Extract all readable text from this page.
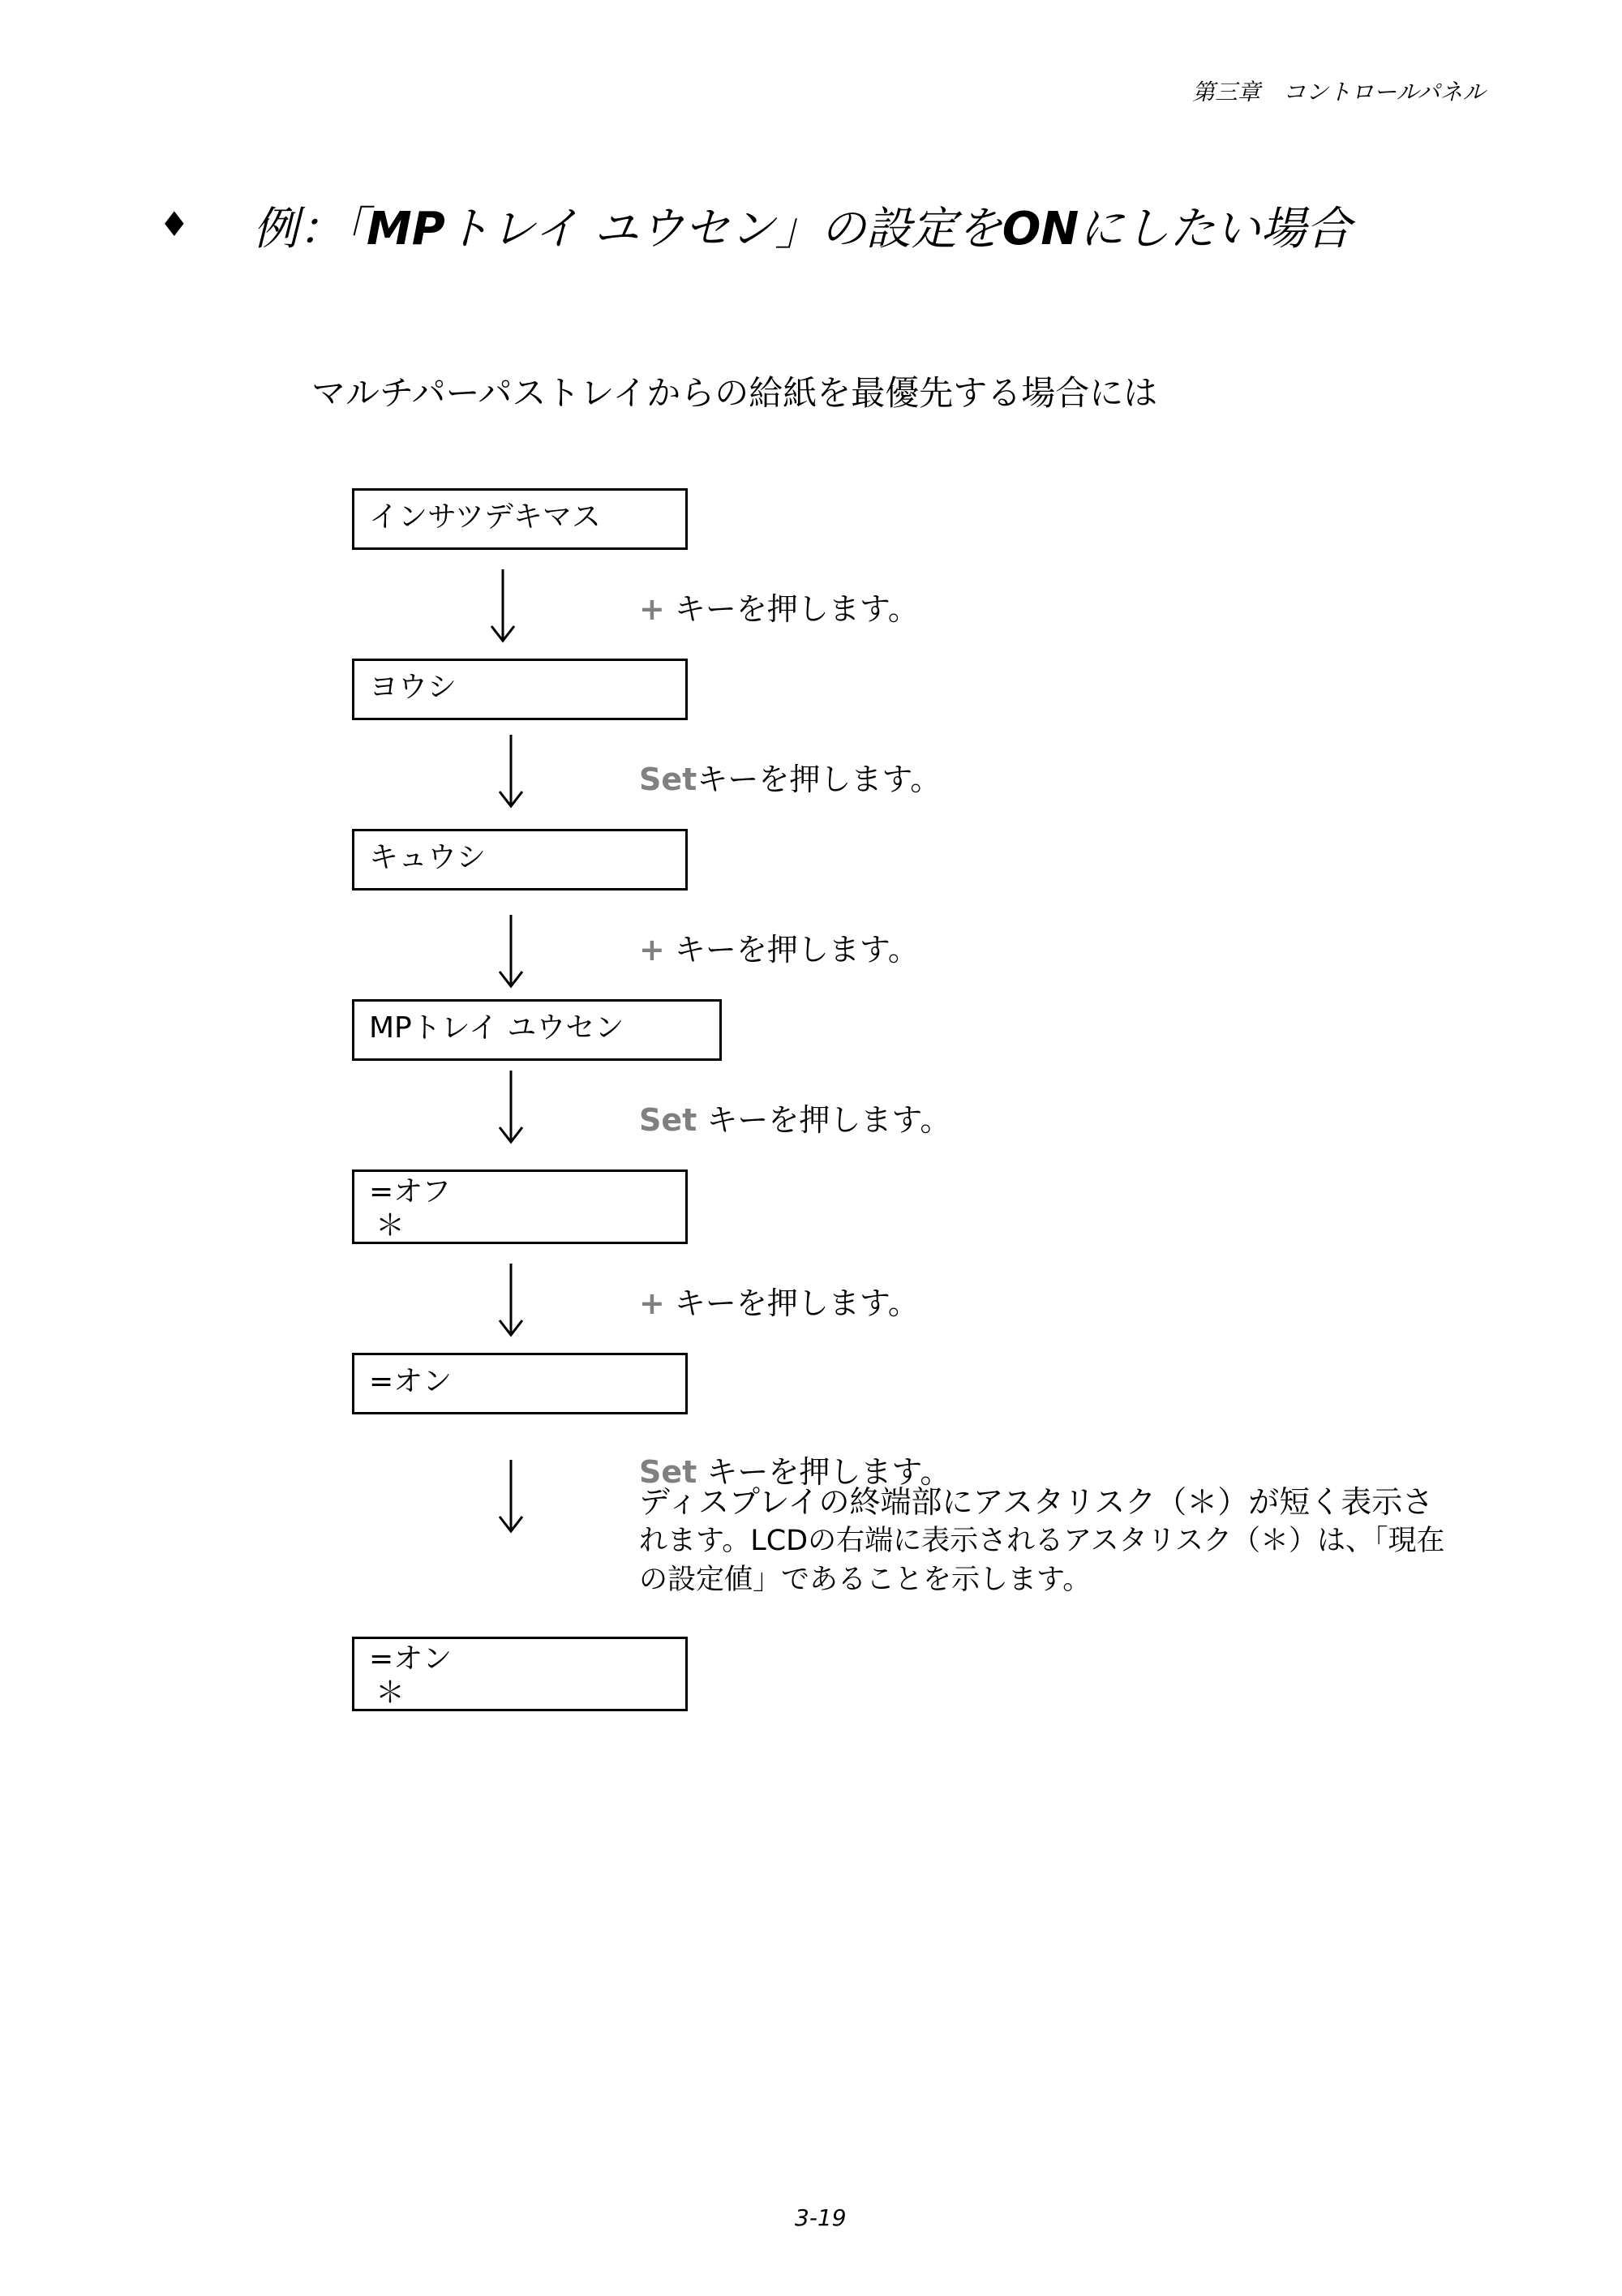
第三章　コントロールパネル
♦ 例：「MPトレイ ユウセン」の設定をONにしたい場合
マルチパーパストレイからの給紙を最優先する場合には
インサツデキマス
ヨウシ
キュウシ
MPトレイ ユウセン
=オフ
＊
=オン
=オン
＊
+ キーを押します。
Setキーを押します。
+ キーを押します。
Set キーを押します。
+ キーを押します。
Set キーを押します。
ディスプレイの終端部にアスタリスク（＊）が短く表示さ
れます。LCDの右端に表示されるアスタリスク（＊）は、「現在
の設定値」であることを示します。
3-19
